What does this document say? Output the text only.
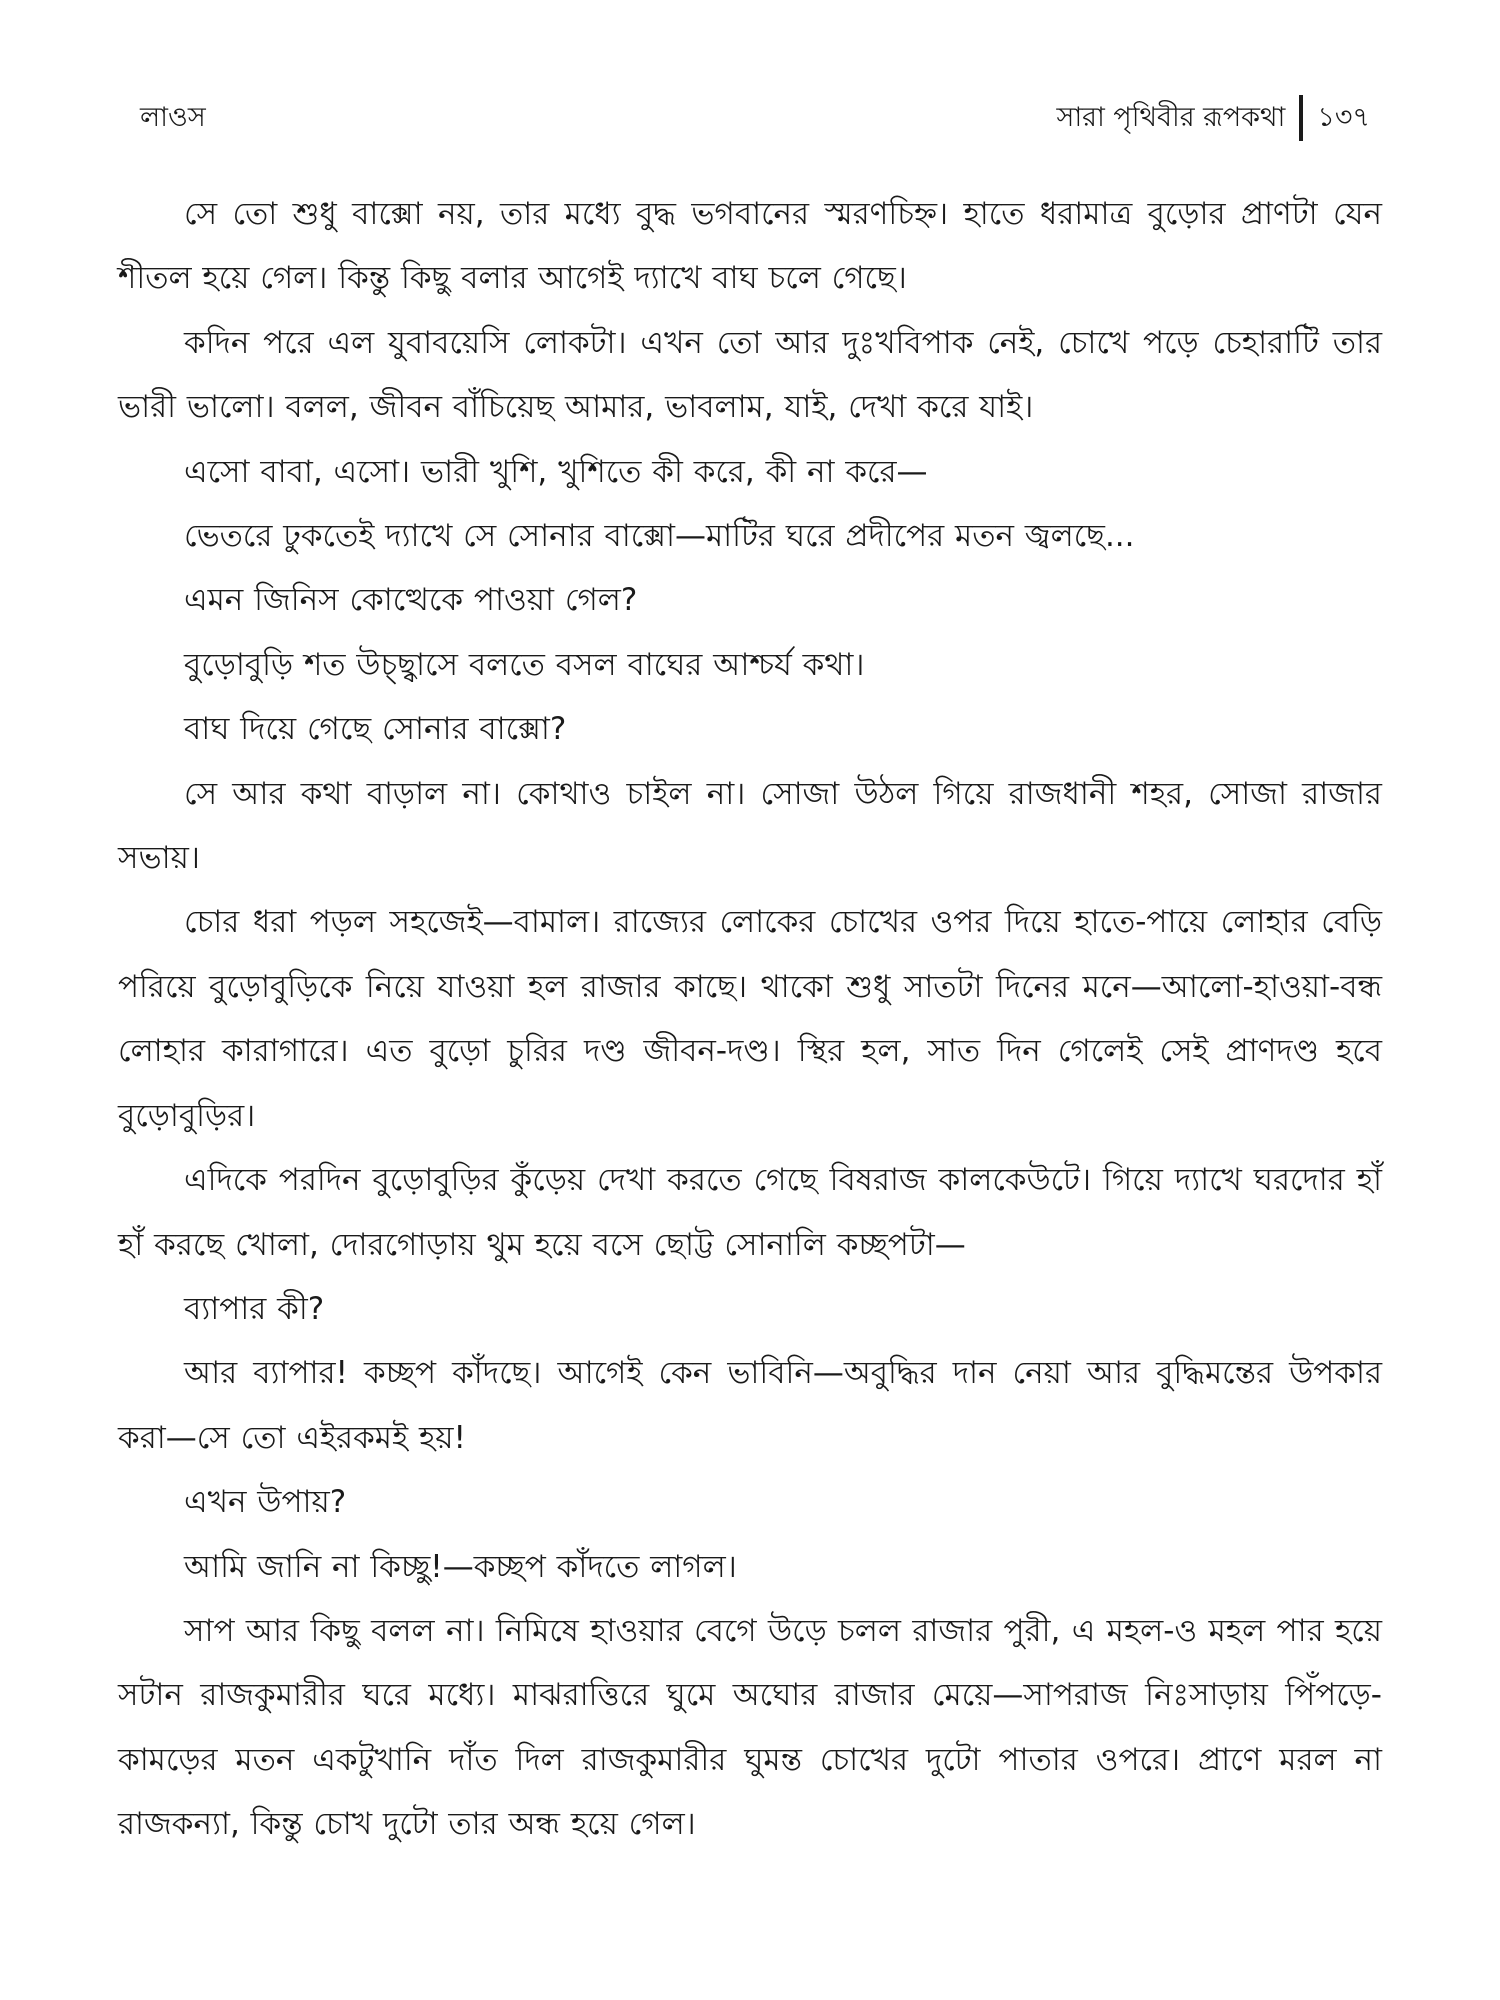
লাওস	সারা পৃথিবীর রূপকথা ১৩৭

সে তো শুধু বাক্সো নয়, তার মধ্যে বুদ্ধ ভগবানের স্মরণচিহ্ন। হাতে ধরামাত্র বুড়োর প্রাণটা যেন শীতল হয়ে গেল। কিন্তু কিছু বলার আগেই দ্যাখে বাঘ চলে গেছে।

কদিন পরে এল যুবাবয়েসি লোকটা। এখন তো আর দুঃখবিপাক নেই, চোখে পড়ে চেহারাটি তার ভারী ভালো। বলল, জীবন বাঁচিয়েছ আমার, ভাবলাম, যাই, দেখা করে যাই।

এসো বাবা, এসো। ভারী খুশি, খুশিতে কী করে, কী না করে—

ভেতরে ঢুকতেই দ্যাখে সে সোনার বাক্সো—মাটির ঘরে প্রদীপের মতন জ্বলছে...

এমন জিনিস কোত্থেকে পাওয়া গেল?

বুড়োবুড়ি শত উচ্ছ্বাসে বলতে বসল বাঘের আশ্চর্য কথা।

বাঘ দিয়ে গেছে সোনার বাক্সো?

সে আর কথা বাড়াল না। কোথাও চাইল না। সোজা উঠল গিয়ে রাজধানী শহর, সোজা রাজার সভায়।

চোর ধরা পড়ল সহজেই—বামাল। রাজ্যের লোকের চোখের ওপর দিয়ে হাতে-পায়ে লোহার বেড়ি পরিয়ে বুড়োবুড়িকে নিয়ে যাওয়া হল রাজার কাছে। থাকো শুধু সাতটা দিনের মনে—আলো-হাওয়া-বন্ধ লোহার কারাগারে। এত বুড়ো চুরির দণ্ড জীবন-দণ্ড। স্থির হল, সাত দিন গেলেই সেই প্রাণদণ্ড হবে বুড়োবুড়ির।

এদিকে পরদিন বুড়োবুড়ির কুঁড়েয় দেখা করতে গেছে বিষরাজ কালকেউটে। গিয়ে দ্যাখে ঘরদোর হাঁ হাঁ করছে খোলা, দোরগোড়ায় থুম হয়ে বসে ছোট্ট সোনালি কচ্ছপটা—

ব্যাপার কী?

আর ব্যাপার! কচ্ছপ কাঁদছে। আগেই কেন ভাবিনি—অবুদ্ধির দান নেয়া আর বুদ্ধিমন্তের উপকার করা—সে তো এইরকমই হয়!

এখন উপায়?

আমি জানি না কিচ্ছু!—কচ্ছপ কাঁদতে লাগল।

সাপ আর কিছু বলল না। নিমিষে হাওয়ার বেগে উড়ে চলল রাজার পুরী, এ মহল-ও মহল পার হয়ে সটান রাজকুমারীর ঘরে মধ্যে। মাঝরাত্তিরে ঘুমে অঘোর রাজার মেয়ে—সাপরাজ নিঃসাড়ায় পিঁপড়ে-কামড়ের মতন একটুখানি দাঁত দিল রাজকুমারীর ঘুমন্ত চোখের দুটো পাতার ওপরে। প্রাণে মরল না রাজকন্যা, কিন্তু চোখ দুটো তার অন্ধ হয়ে গেল।
